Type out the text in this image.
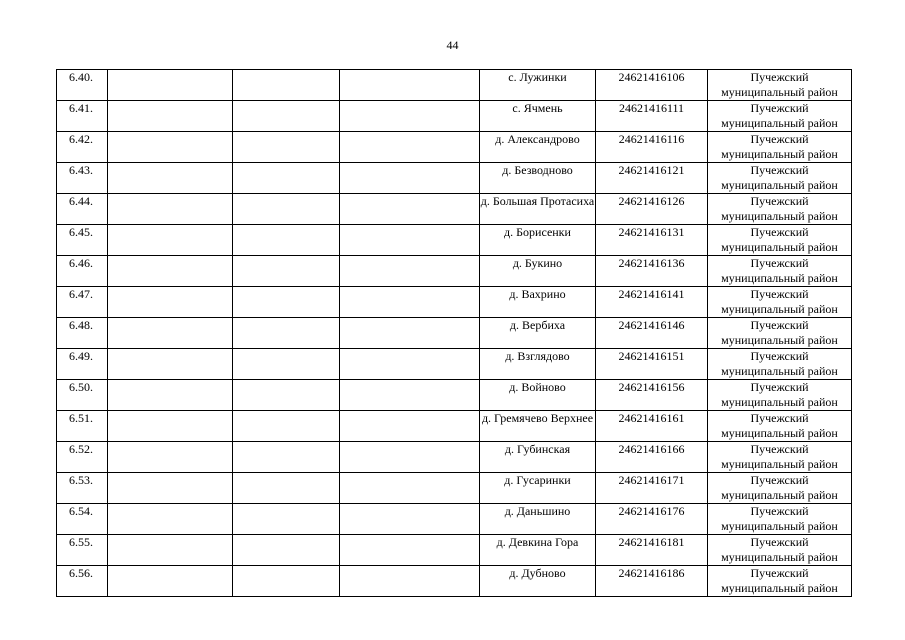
44
6.40.				с. Лужинки	24621416106	Пучежский муниципальный район
6.41.				с. Ячмень	24621416111	Пучежский муниципальный район
6.42.				д. Александрово	24621416116	Пучежский муниципальный район
6.43.				д. Безводново	24621416121	Пучежский муниципальный район
6.44.				д. Большая Протасиха	24621416126	Пучежский муниципальный район
6.45.				д. Борисенки	24621416131	Пучежский муниципальный район
6.46.				д. Букино	24621416136	Пучежский муниципальный район
6.47.				д. Вахрино	24621416141	Пучежский муниципальный район
6.48.				д. Вербиха	24621416146	Пучежский муниципальный район
6.49.				д. Взглядово	24621416151	Пучежский муниципальный район
6.50.				д. Войново	24621416156	Пучежский муниципальный район
6.51.				д. Гремячево Верхнее	24621416161	Пучежский муниципальный район
6.52.				д. Губинская	24621416166	Пучежский муниципальный район
6.53.				д. Гусаринки	24621416171	Пучежский муниципальный район
6.54.				д. Даньшино	24621416176	Пучежский муниципальный район
6.55.				д. Девкина Гора	24621416181	Пучежский муниципальный район
6.56.				д. Дубново	24621416186	Пучежский муниципальный район
